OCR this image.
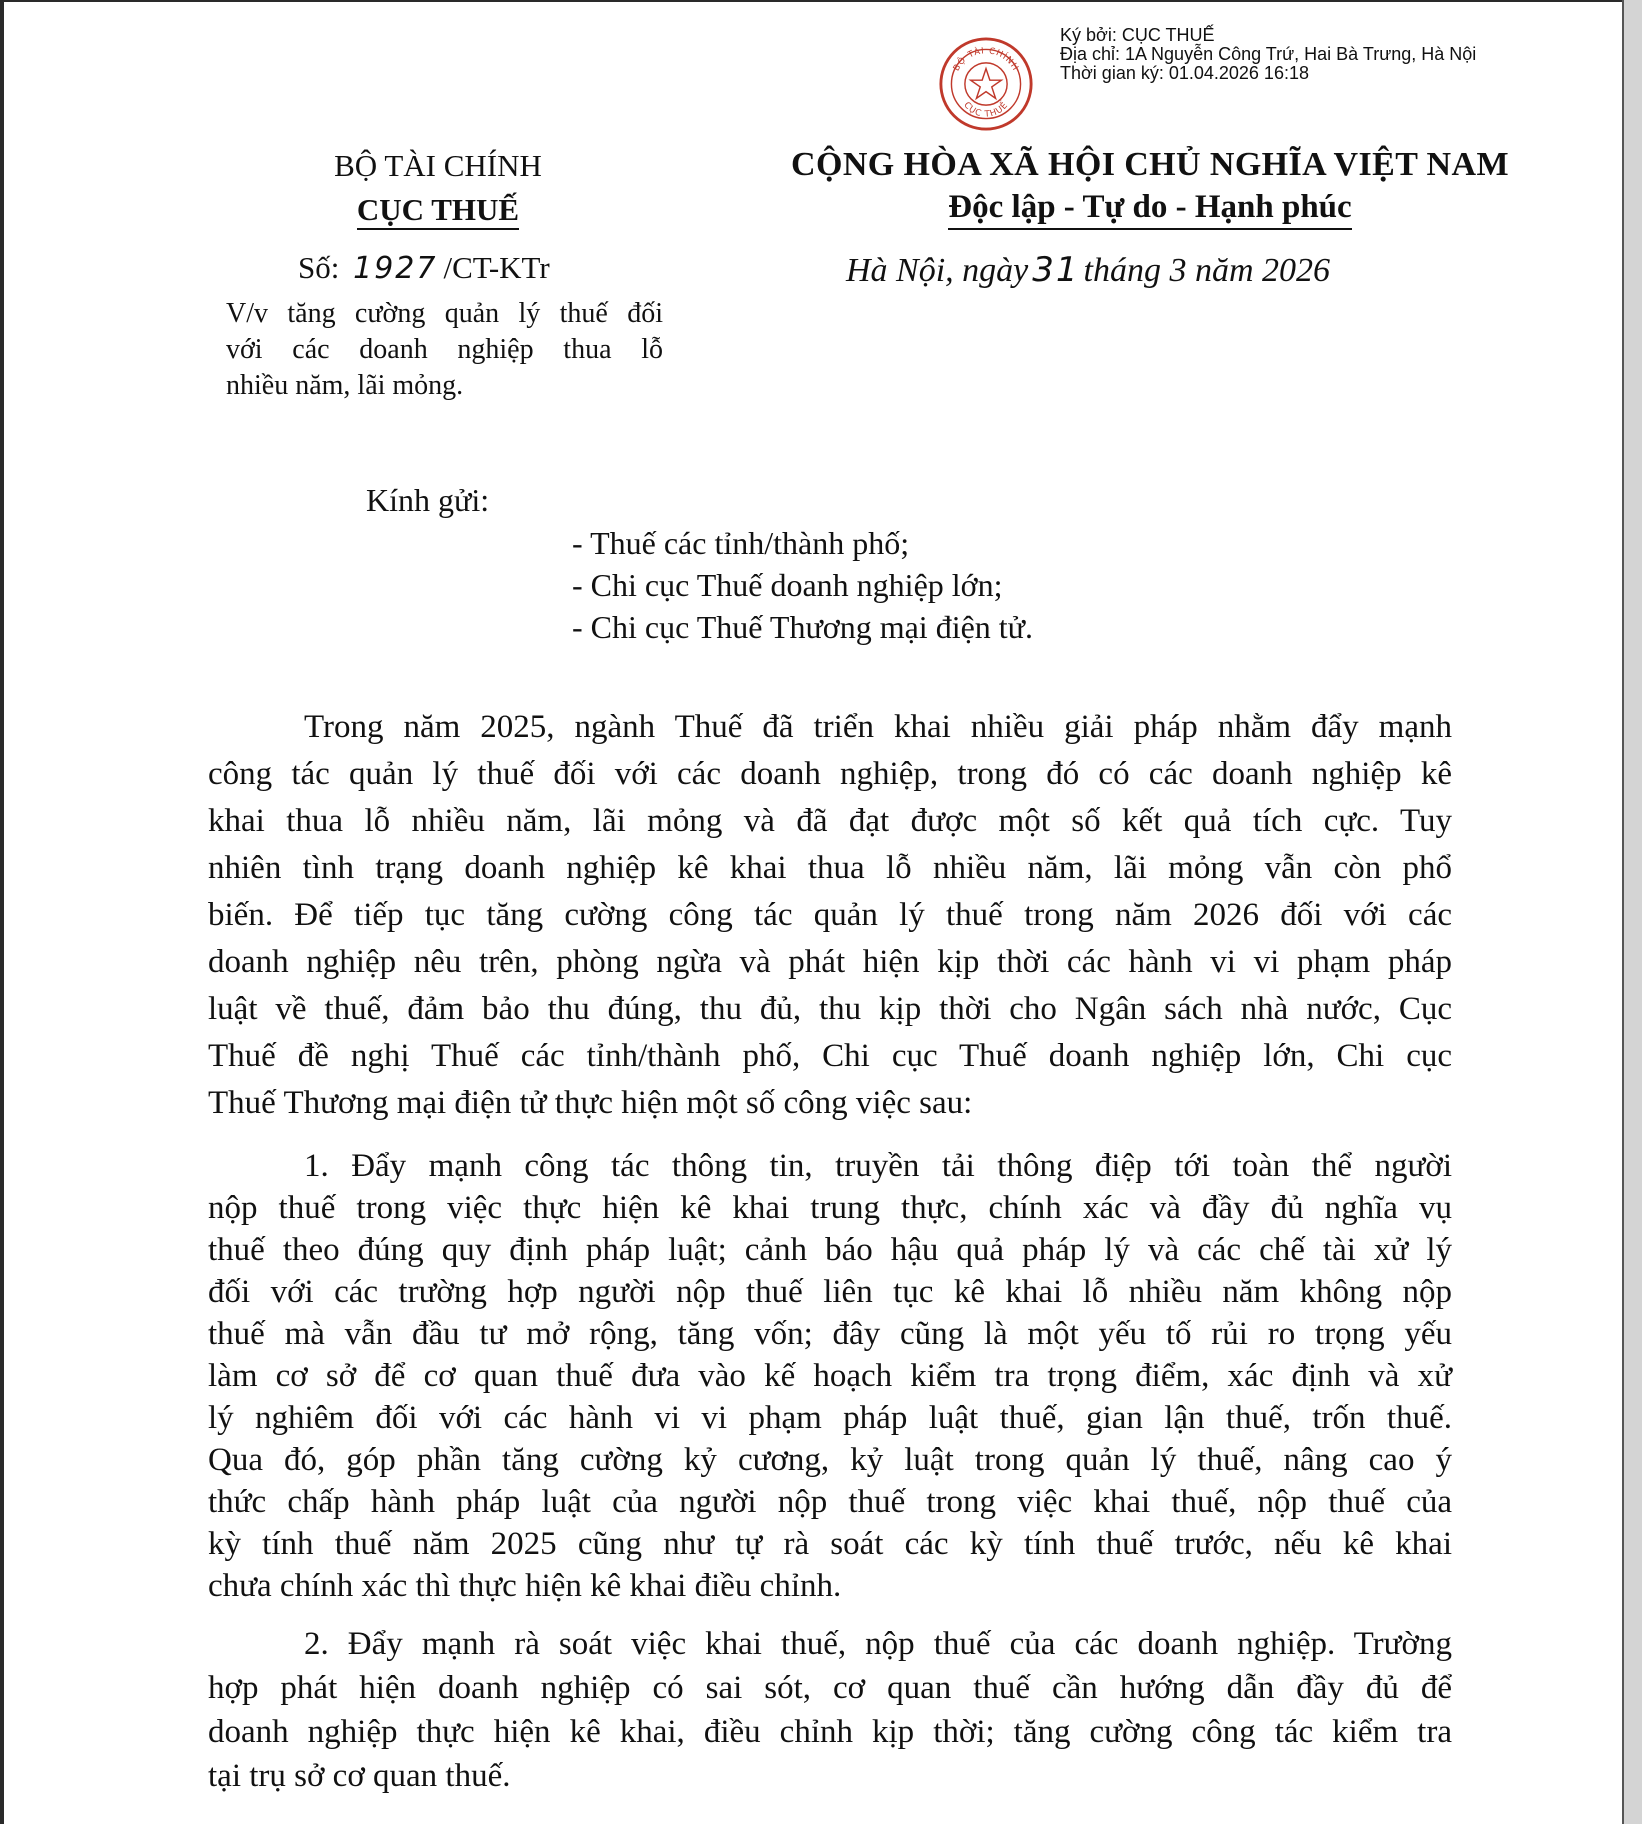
BỘ TÀI CHÍNH
CỤC THUẾ
Ký bởi: CỤC THUẾ
Địa chỉ: 1A Nguyễn Công Trứ, Hai Bà Trưng, Hà Nội
Thời gian ký: 01.04.2026 16:18
BỘ TÀI CHÍNH
CỤC THUẾ
Số: 1927 /CT-KTr
V/v tăng cường quản lý thuế đối
với các doanh nghiệp thua lỗ
nhiều năm, lãi mỏng.
CỘNG HÒA XÃ HỘI CHỦ NGHĨA VIỆT NAM
Độc lập - Tự do - Hạnh phúc
Hà Nội, ngày 31 tháng 3 năm 2026
Kính gửi:
- Thuế các tỉnh/thành phố;
- Chi cục Thuế doanh nghiệp lớn;
- Chi cục Thuế Thương mại điện tử.
Trong năm 2025, ngành Thuế đã triển khai nhiều giải pháp nhằm đẩy mạnh
công tác quản lý thuế đối với các doanh nghiệp, trong đó có các doanh nghiệp kê
khai thua lỗ nhiều năm, lãi mỏng và đã đạt được một số kết quả tích cực. Tuy
nhiên tình trạng doanh nghiệp kê khai thua lỗ nhiều năm, lãi mỏng vẫn còn phổ
biến. Để tiếp tục tăng cường công tác quản lý thuế trong năm 2026 đối với các
doanh nghiệp nêu trên, phòng ngừa và phát hiện kịp thời các hành vi vi phạm pháp
luật về thuế, đảm bảo thu đúng, thu đủ, thu kịp thời cho Ngân sách nhà nước, Cục
Thuế đề nghị Thuế các tỉnh/thành phố, Chi cục Thuế doanh nghiệp lớn, Chi cục
Thuế Thương mại điện tử thực hiện một số công việc sau:
1. Đẩy mạnh công tác thông tin, truyền tải thông điệp tới toàn thể người
nộp thuế trong việc thực hiện kê khai trung thực, chính xác và đầy đủ nghĩa vụ
thuế theo đúng quy định pháp luật; cảnh báo hậu quả pháp lý và các chế tài xử lý
đối với các trường hợp người nộp thuế liên tục kê khai lỗ nhiều năm không nộp
thuế mà vẫn đầu tư mở rộng, tăng vốn; đây cũng là một yếu tố rủi ro trọng yếu
làm cơ sở để cơ quan thuế đưa vào kế hoạch kiểm tra trọng điểm, xác định và xử
lý nghiêm đối với các hành vi vi phạm pháp luật thuế, gian lận thuế, trốn thuế.
Qua đó, góp phần tăng cường kỷ cương, kỷ luật trong quản lý thuế, nâng cao ý
thức chấp hành pháp luật của người nộp thuế trong việc khai thuế, nộp thuế của
kỳ tính thuế năm 2025 cũng như tự rà soát các kỳ tính thuế trước, nếu kê khai
chưa chính xác thì thực hiện kê khai điều chỉnh.
2. Đẩy mạnh rà soát việc khai thuế, nộp thuế của các doanh nghiệp. Trường
hợp phát hiện doanh nghiệp có sai sót, cơ quan thuế cần hướng dẫn đầy đủ để
doanh nghiệp thực hiện kê khai, điều chỉnh kịp thời; tăng cường công tác kiểm tra
tại trụ sở cơ quan thuế.
